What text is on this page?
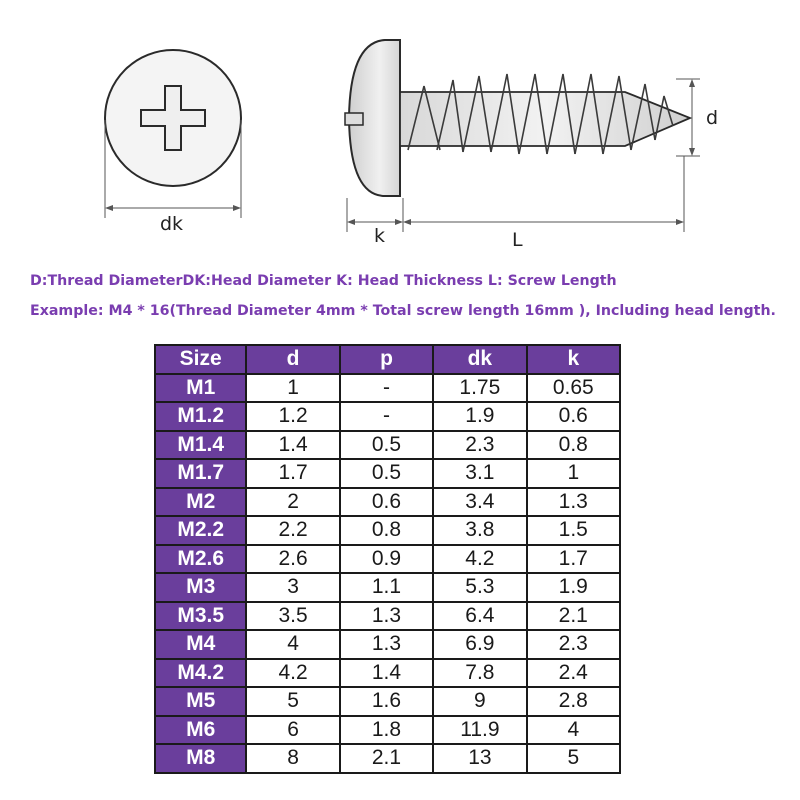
dk
k	L
d
D:Thread DiameterDK:Head Diameter K: Head Thickness L: Screw Length
Example: M4 * 16(Thread Diameter 4mm * Total screw length 16mm ), Including head length.
Size	d	p	dk	k
M1	1	-	1.75	0.65
M1.2	1.2	-	1.9	0.6
M1.4	1.4	0.5	2.3	0.8
M1.7	1.7	0.5	3.1	1
M2	2	0.6	3.4	1.3
M2.2	2.2	0.8	3.8	1.5
M2.6	2.6	0.9	4.2	1.7
M3	3	1.1	5.3	1.9
M3.5	3.5	1.3	6.4	2.1
M4	4	1.3	6.9	2.3
M4.2	4.2	1.4	7.8	2.4
M5	5	1.6	9	2.8
M6	6	1.8	11.9	4
M8	8	2.1	13	5
